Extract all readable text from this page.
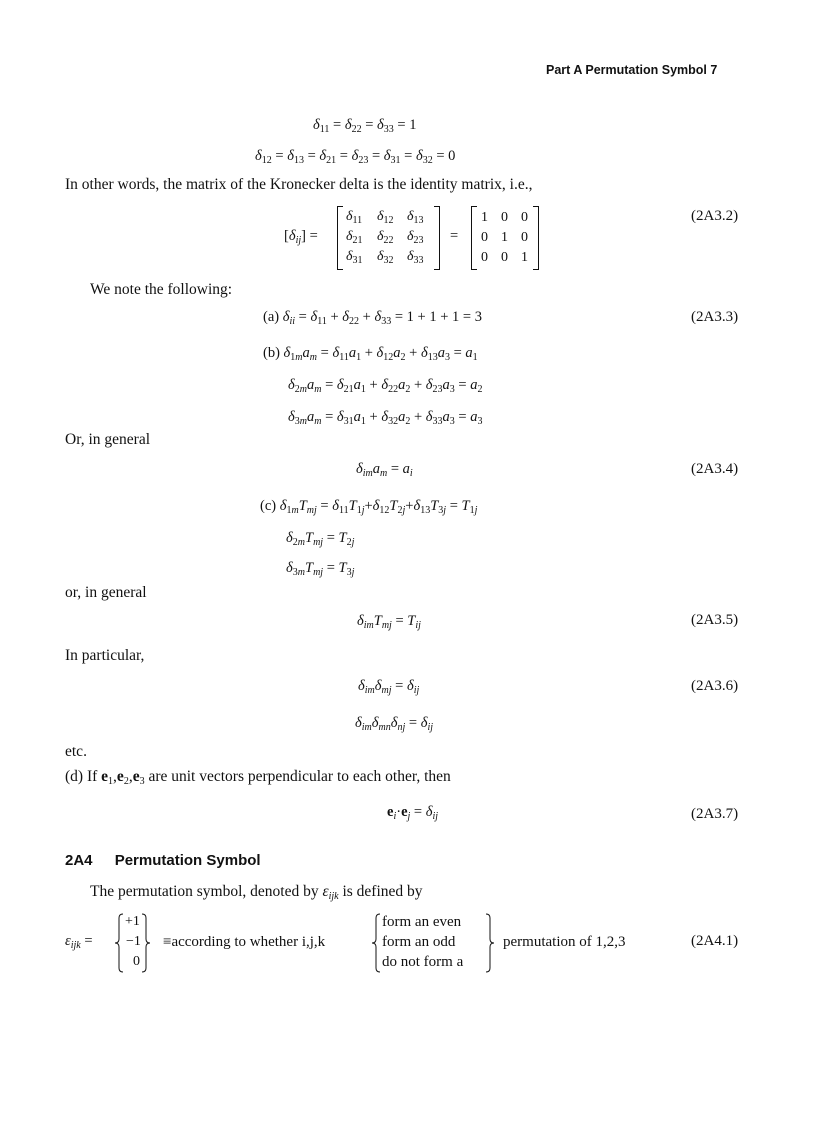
Part A Permutation Symbol 7
$\delta_{11} = \delta_{22} = \delta_{33} = 1$
$\delta_{12} = \delta_{13} = \delta_{21} = \delta_{23} = \delta_{31} = \delta_{32} = 0$
In other words, the matrix of the Kronecker delta is the identity matrix, i.e.,
$[\delta_{ij}]$ =
$\delta_{11}$ $\delta_{12}$ $\delta_{13}$
$\delta_{21}$ $\delta_{22}$ $\delta_{23}$
$\delta_{31}$ $\delta_{32}$ $\delta_{33}$
=
1 0 0
0 1 0
0 0 1
(2A3.2)
We note the following:
(a) $\delta_{ii} = \delta_{11} + \delta_{22} + \delta_{33} = 1 + 1 + 1 = 3$	(2A3.3)
(b) $\delta_{1m}a_m = \delta_{11}a_1 + \delta_{12}a_2 + \delta_{13}a_3 = a_1$
$\delta_{2m}a_m = \delta_{21}a_1 + \delta_{22}a_2 + \delta_{23}a_3 = a_2$
$\delta_{3m}a_m = \delta_{31}a_1 + \delta_{32}a_2 + \delta_{33}a_3 = a_3$
Or, in general
$\delta_{im}a_m = a_i$	(2A3.4)
(c) $\delta_{1m}T_{mj} = \delta_{11}T_{1j}+\delta_{12}T_{2j}+\delta_{13}T_{3j} = T_{1j}$
$\delta_{2m}T_{mj} = T_{2j}$
$\delta_{3m}T_{mj} = T_{3j}$
or, in general
$\delta_{im}T_{mj} = T_{ij}$	(2A3.5)
In particular,
$\delta_{im}\delta_{mj} = \delta_{ij}$	(2A3.6)
$\delta_{im}\delta_{mn}\delta_{nj} = \delta_{ij}$
etc.
(d) If $e_1,e_2,e_3$ are unit vectors perpendicular to each other, then
$e_i\cdot e_j = \delta_{ij}$	(2A3.7)
2A4 Permutation Symbol
The permutation symbol, denoted by $\varepsilon_{ijk}$ is defined by
$\varepsilon_{ijk}$ =
+1
−1
0
≡according to whether i,j,k
form an even
form an odd
do not form a
permutation of 1,2,3	(2A4.1)
